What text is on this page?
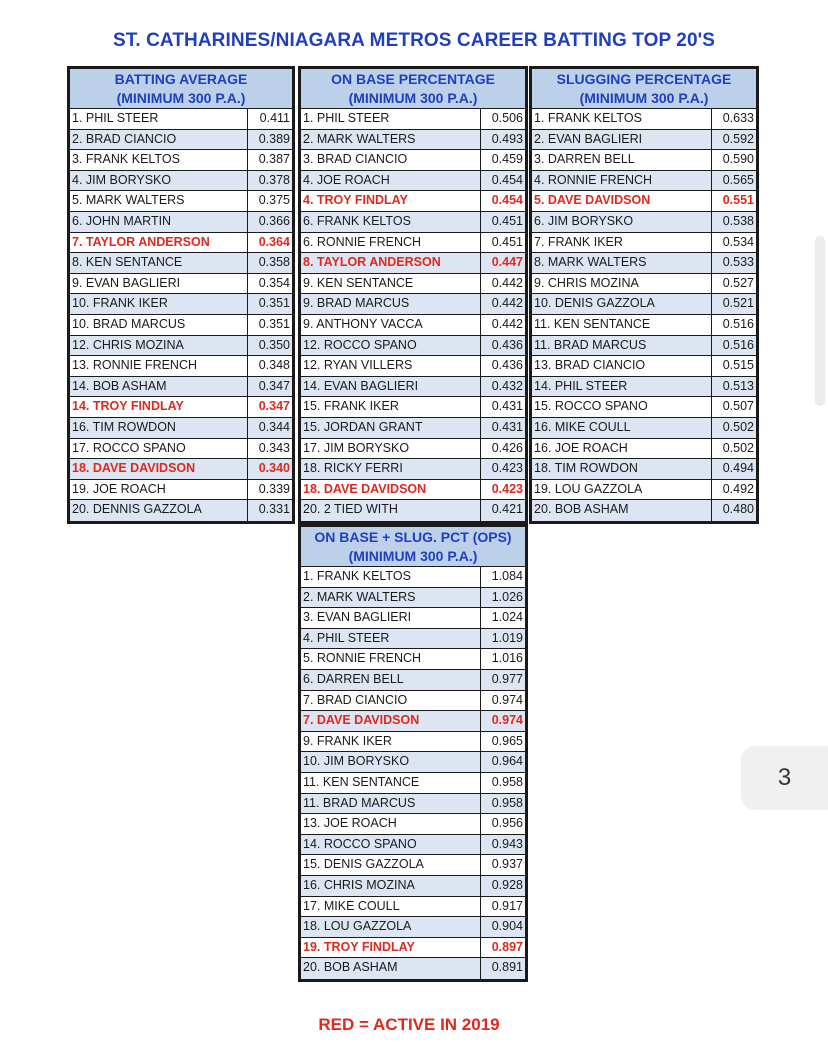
ST. CATHARINES/NIAGARA METROS CAREER BATTING TOP 20'S
BATTING AVERAGE
(MINIMUM 300 P.A.)
1. PHIL STEER	0.411
2. BRAD CIANCIO	0.389
3. FRANK KELTOS	0.387
4. JIM BORYSKO	0.378
5. MARK WALTERS	0.375
6. JOHN MARTIN	0.366
7. TAYLOR ANDERSON	0.364
8. KEN SENTANCE	0.358
9. EVAN BAGLIERI	0.354
10. FRANK IKER	0.351
10. BRAD MARCUS	0.351
12. CHRIS MOZINA	0.350
13. RONNIE FRENCH	0.348
14. BOB ASHAM	0.347
14. TROY FINDLAY	0.347
16. TIM ROWDON	0.344
17. ROCCO SPANO	0.343
18. DAVE DAVIDSON	0.340
19. JOE ROACH	0.339
20. DENNIS GAZZOLA	0.331
ON BASE PERCENTAGE
(MINIMUM 300 P.A.)
1. PHIL STEER	0.506
2. MARK WALTERS	0.493
3. BRAD CIANCIO	0.459
4. JOE ROACH	0.454
4. TROY FINDLAY	0.454
6. FRANK KELTOS	0.451
6. RONNIE FRENCH	0.451
8. TAYLOR ANDERSON	0.447
9. KEN SENTANCE	0.442
9. BRAD MARCUS	0.442
9. ANTHONY VACCA	0.442
12. ROCCO SPANO	0.436
12. RYAN VILLERS	0.436
14. EVAN BAGLIERI	0.432
15. FRANK IKER	0.431
15. JORDAN GRANT	0.431
17. JIM BORYSKO	0.426
18. RICKY FERRI	0.423
18. DAVE DAVIDSON	0.423
20. 2 TIED WITH	0.421
SLUGGING PERCENTAGE
(MINIMUM 300 P.A.)
1. FRANK KELTOS	0.633
2. EVAN BAGLIERI	0.592
3. DARREN BELL	0.590
4. RONNIE FRENCH	0.565
5. DAVE DAVIDSON	0.551
6. JIM BORYSKO	0.538
7. FRANK IKER	0.534
8. MARK WALTERS	0.533
9. CHRIS MOZINA	0.527
10. DENIS GAZZOLA	0.521
11. KEN SENTANCE	0.516
11. BRAD MARCUS	0.516
13. BRAD CIANCIO	0.515
14. PHIL STEER	0.513
15. ROCCO SPANO	0.507
16. MIKE COULL	0.502
16. JOE ROACH	0.502
18. TIM ROWDON	0.494
19. LOU GAZZOLA	0.492
20. BOB ASHAM	0.480
ON BASE + SLUG. PCT (OPS)
(MINIMUM 300 P.A.)
1. FRANK KELTOS	1.084
2. MARK WALTERS	1.026
3. EVAN BAGLIERI	1.024
4. PHIL STEER	1.019
5. RONNIE FRENCH	1.016
6. DARREN BELL	0.977
7. BRAD CIANCIO	0.974
7. DAVE DAVIDSON	0.974
9. FRANK IKER	0.965
10. JIM BORYSKO	0.964
11. KEN SENTANCE	0.958
11. BRAD MARCUS	0.958
13. JOE ROACH	0.956
14. ROCCO SPANO	0.943
15. DENIS GAZZOLA	0.937
16. CHRIS MOZINA	0.928
17. MIKE COULL	0.917
18. LOU GAZZOLA	0.904
19. TROY FINDLAY	0.897
20. BOB ASHAM	0.891
RED = ACTIVE IN 2019
3
